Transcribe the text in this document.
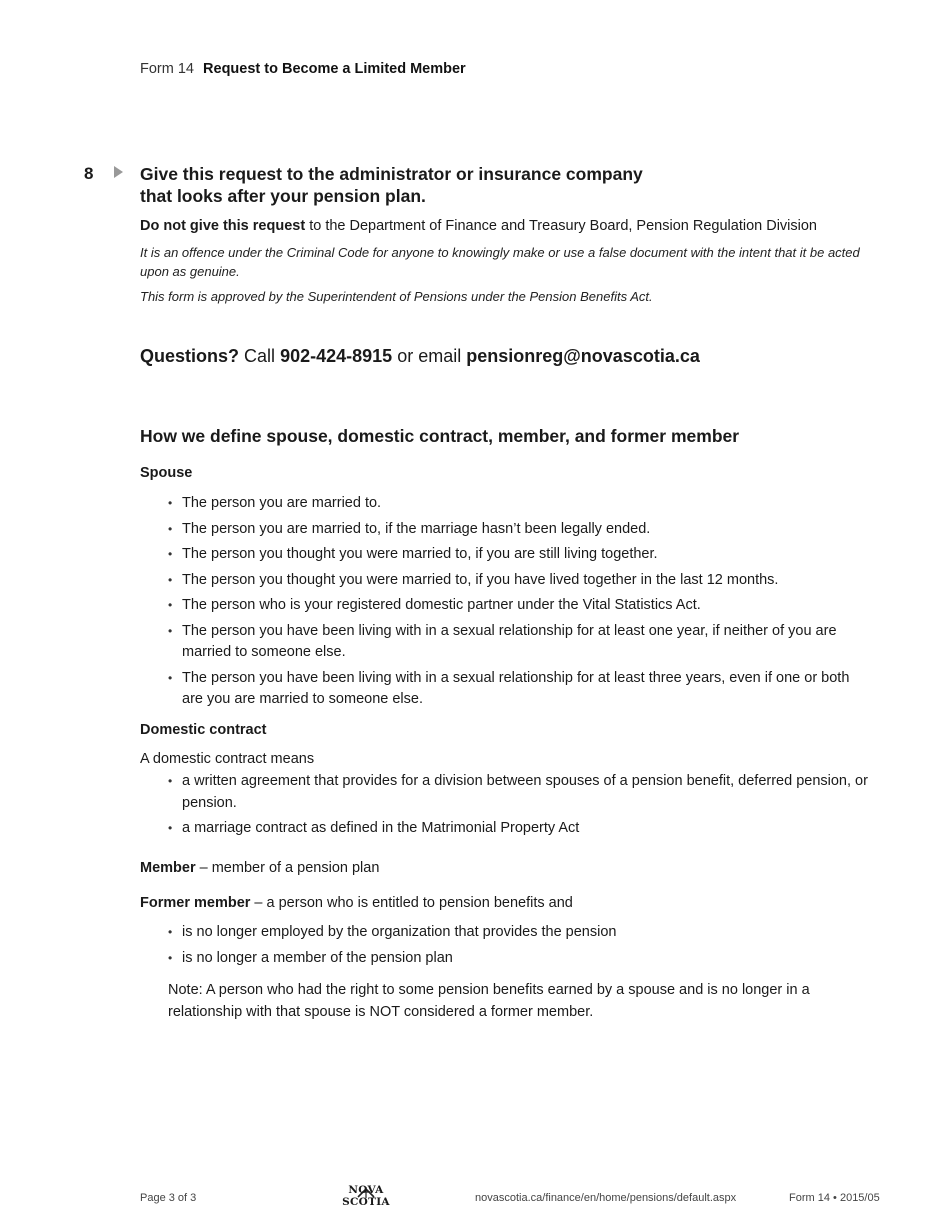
Form 14 Request to Become a Limited Member
8	Give this request to the administrator or insurance company
that looks after your pension plan.
Do not give this request to the Department of Finance and Treasury Board, Pension Regulation Division
It is an offence under the Criminal Code for anyone to knowingly make or use a false document with the intent that it be acted upon as genuine.
This form is approved by the Superintendent of Pensions under the Pension Benefits Act.
Questions? Call 902-424-8915 or email pensionreg@novascotia.ca
How we define spouse, domestic contract, member, and former member
Spouse
• The person you are married to.
• The person you are married to, if the marriage hasn’t been legally ended.
• The person you thought you were married to, if you are still living together.
• The person you thought you were married to, if you have lived together in the last 12 months.
• The person who is your registered domestic partner under the Vital Statistics Act.
• The person you have been living with in a sexual relationship for at least one year, if neither of you are married to someone else.
• The person you have been living with in a sexual relationship for at least three years, even if one or both are you are married to someone else.
Domestic contract
A domestic contract means
• a written agreement that provides for a division between spouses of a pension benefit, deferred pension, or pension.
• a marriage contract as defined in the Matrimonial Property Act
Member – member of a pension plan
Former member – a person who is entitled to pension benefits and
• is no longer employed by the organization that provides the pension
• is no longer a member of the pension plan
Note: A person who had the right to some pension benefits earned by a spouse and is no longer in a relationship with that spouse is NOT considered a former member.
Page 3 of 3
NOVA SCOTIA	novascotia.ca/finance/en/home/pensions/default.aspx	Form 14 • 2015/05
